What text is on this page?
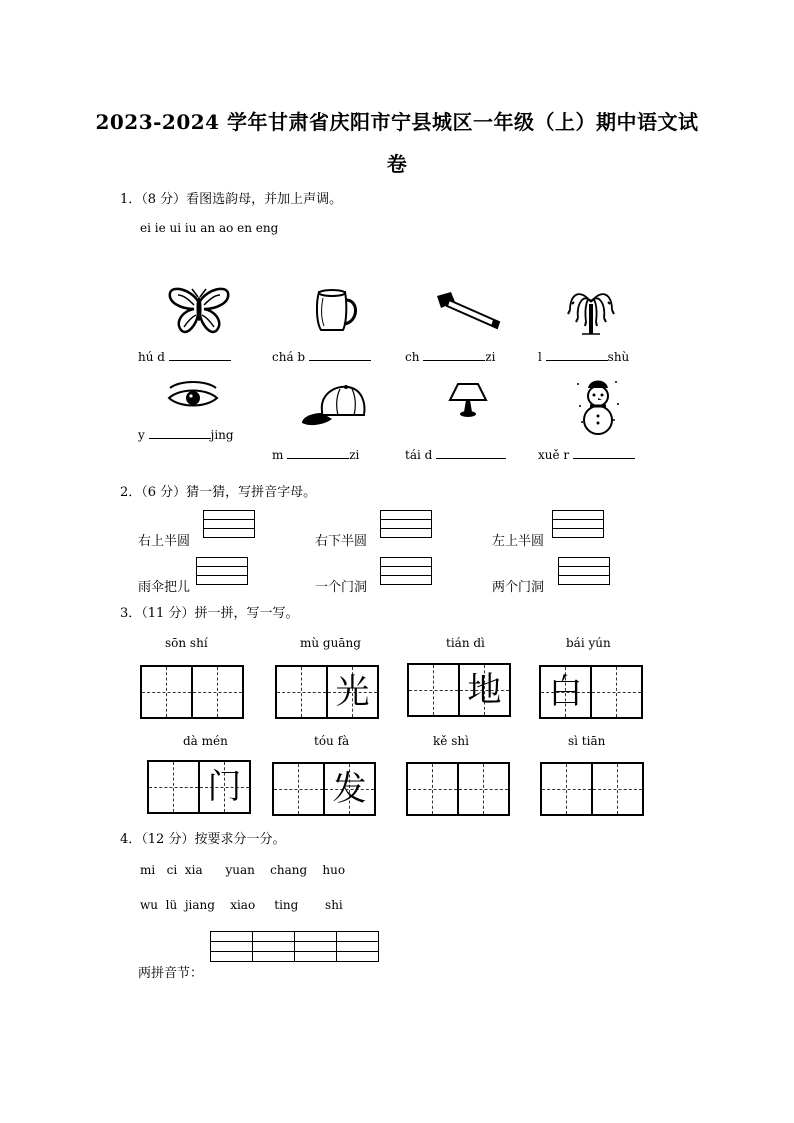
2023-2024 学年甘肃省庆阳市宁县城区一年级（上）期中语文试
卷
1．（8 分）看图选韵母，并加上声调。
ei ie ui iu an ao en eng
hú d	chá b	ch	zi	l	shù
y	jing
m	zi	tái d	xuě r
2．（6 分）猜一猜，写拼音字母。
右上半圆	右下半圆	左上半圆
雨伞把儿	一个门洞	两个门洞
3．（11 分）拼一拼，写一写。
sōn shí	mù guāng
光
tián dì
地
bái yún
白
dà mén
门
tóu fà
发
kě shì	sì tiān
4．（12 分）按要求分一分。
mi   ci  xia      yuan    chang    huo
wu  lü  jiang    xiao     ting       shi
两拼音节：
